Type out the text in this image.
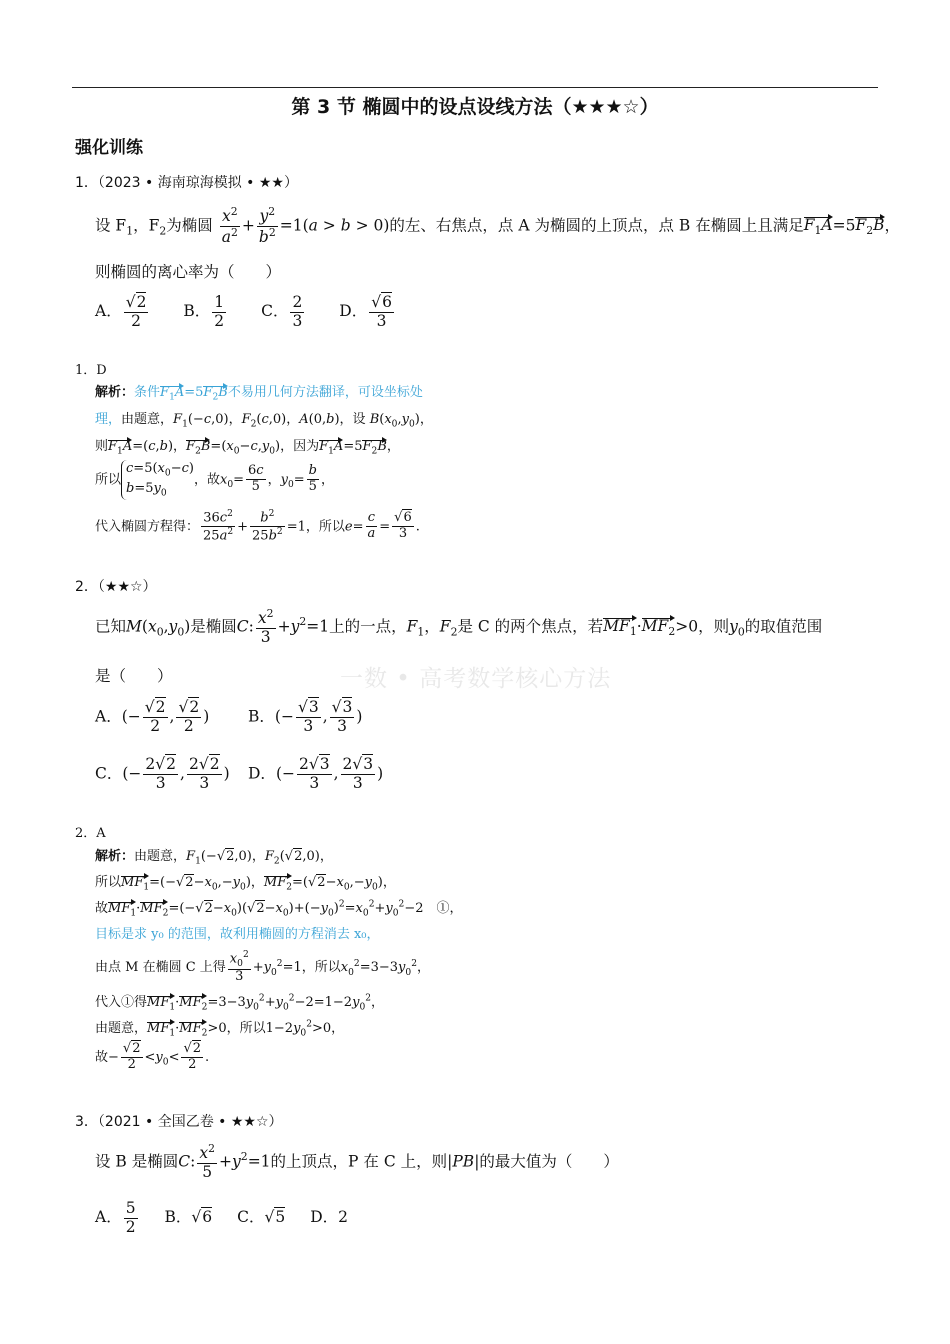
第 3 节 椭圆中的设点设线方法（★★★☆）
强化训练
1．（2023 • 海南琼海模拟 • ★★）
设 $F_1$，$F_2$为椭圆 $\frac{x^2}{a^2} + \frac{y^2}{b^2} =1(a > b > 0)$的左、右焦点，点 A 为椭圆的上顶点，点 B 在椭圆上且满足$F_1A=5F_2B$，
则椭圆的离心率为（　　）
A． $\frac{√2}{2}$ B． $\frac{1}{2}$ C． $\frac{2}{3}$ D． $\frac{√6}{3}$
1．D
解析：条件$F_1A=5F_2B$不易用几何方法翻译，可设坐标处
理，由题意，$F_1(-c,0)$，$F_2(c,0)$，A(0,b)，设 $B(x_0,y_0)$，
则$F_1A=(c,b)$，$F_2B=(x_0-c,y_0)$，因为$F_1A=5F_2B$，
所以$c=5(x_0-c)$
$b=5y_0$，故$x_0= \frac{6c}{5}$ ，$y_0= \frac{b}{5}$ ，
代入椭圆方程得： $\frac{36c^2}{25a^2} + \frac{b^2}{25b^2} =1$，所以$e= \frac{c}{a} = \frac{√6}{3}$ .
2．（★★☆）
已知$M(x_0,y_0)$是椭圆C: $\frac{x^2}{3} +y^2=1$上的一点，$F_1$，$F_2$是 C 的两个焦点，若$MF_1\cdot MF_2>0$，则$y_0$的取值范围
是（　　）	一数 • 高考数学核心方法
A．(− $\frac{√2}{2}$ , $\frac{√2}{2}$ ) B．(− $\frac{√3}{3}$ , $\frac{√3}{3}$ )
C．(− $\frac{2√2}{3}$ , $\frac{2√2}{3}$ ) D．(− $\frac{2√3}{3}$ , $\frac{2√3}{3}$ )
2．A
解析：由题意，$F_1(-√2,0)$，$F_2(√2,0)$，
所以$MF_1=(-√2-x_0,-y_0)$，$MF_2=(√2-x_0,-y_0)$，
故$MF_1\cdot MF_2=(-√2-x_0)(√2-x_0)+(-y_0)^2=x_0^2+y_0^2-2$　①，
目标是求 y₀ 的范围，故利用椭圆的方程消去 x₀，
由点 M 在椭圆 C 上得 $\frac{x_0^2}{3} +y_0^2=1$，所以$x_0^2=3-3y_0^2$，
代入①得$MF_1\cdot MF_2=3-3y_0^2+y_0^2-2=1-2y_0^2$，
由题意，$MF_1\cdot MF_2>0$，所以$1-2y_0^2>0$，
故− $\frac{√2}{2} <y_0< \frac{√2}{2}$ .
3．（2021 • 全国乙卷 • ★★☆）
设 B 是椭圆C: $\frac{x^2}{5} +y^2=1$的上顶点，P 在 C 上，则|PB|的最大值为（　　）
A． $\frac{5}{2}$ B．√6 C．√5 D．2
